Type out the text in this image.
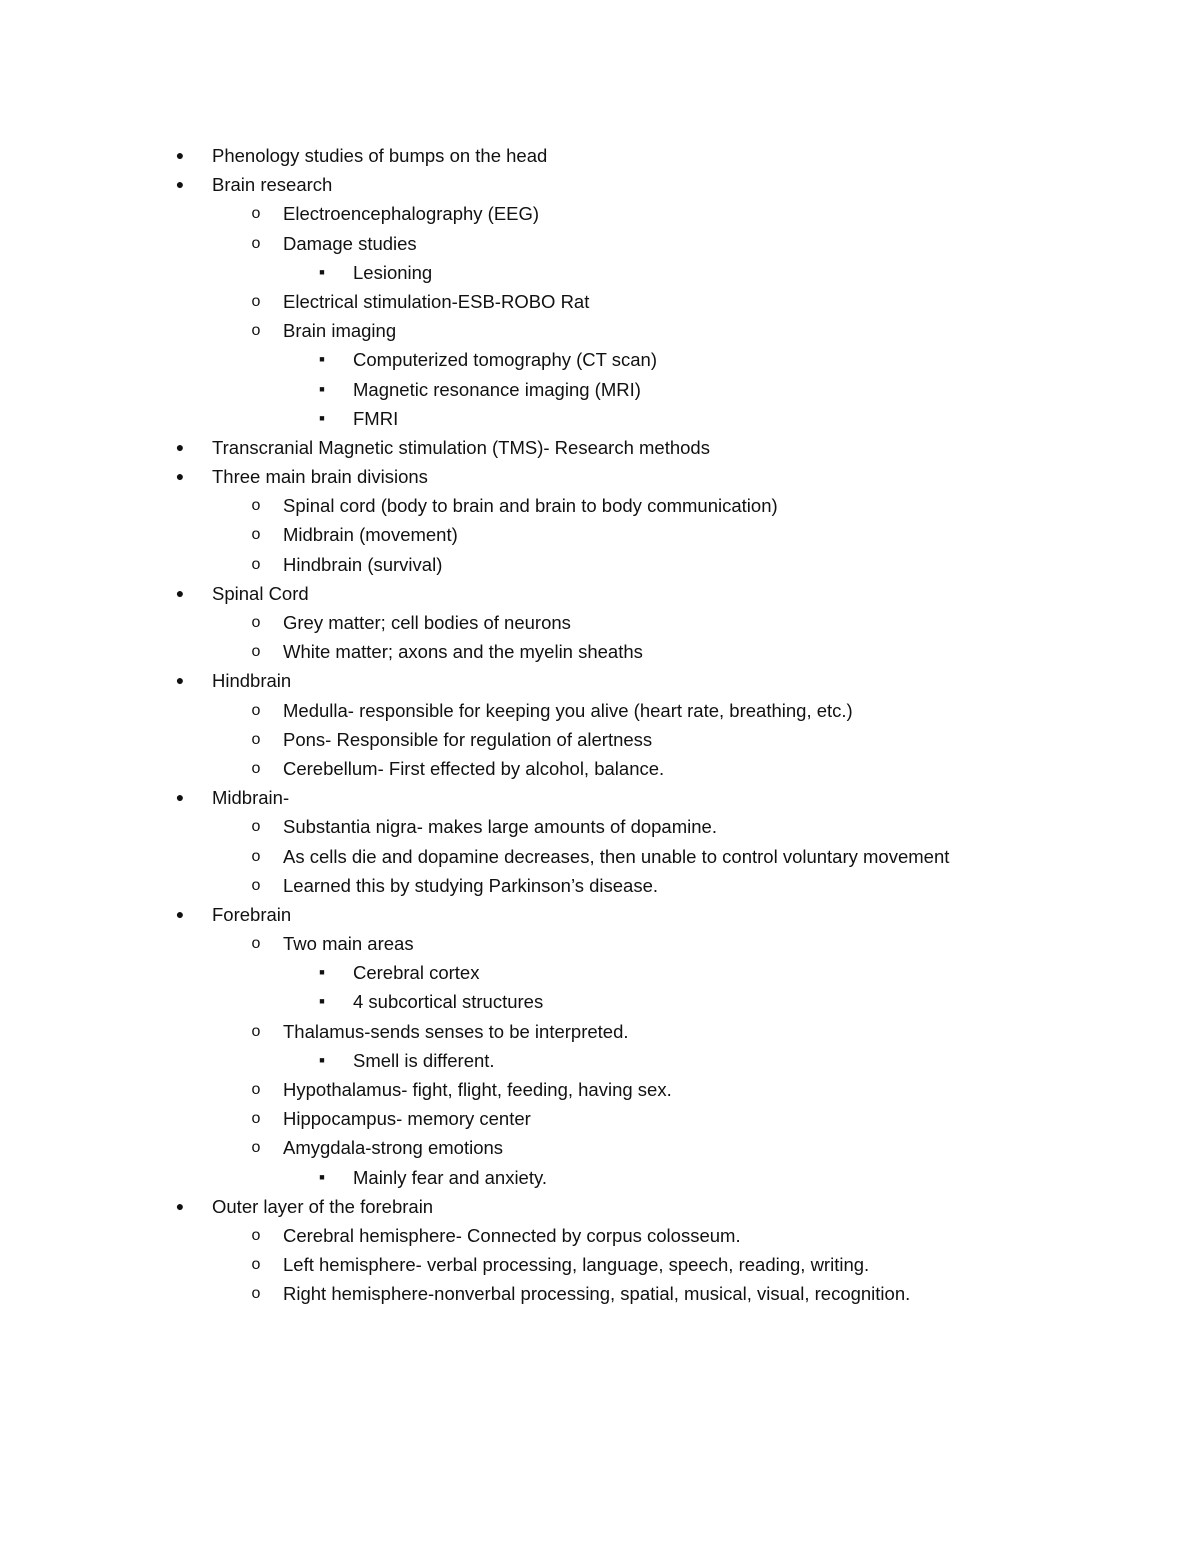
●	Phenology studies of bumps on the head
●	Brain research
o Electroencephalography (EEG)
o Damage studies
■	Lesioning
o Electrical stimulation-ESB-ROBO Rat
o Brain imaging
■	Computerized tomography (CT scan)
■	Magnetic resonance imaging (MRI)
■	FMRI
●	Transcranial Magnetic stimulation (TMS)- Research methods
●	Three main brain divisions
o Spinal cord (body to brain and brain to body communication)
o Midbrain (movement)
o Hindbrain (survival)
●	Spinal Cord
o Grey matter; cell bodies of neurons
o White matter; axons and the myelin sheaths
●	Hindbrain
o Medulla- responsible for keeping you alive (heart rate, breathing, etc.)
o Pons- Responsible for regulation of alertness
o Cerebellum- First effected by alcohol, balance.
●	Midbrain-
o Substantia nigra- makes large amounts of dopamine.
o As cells die and dopamine decreases, then unable to control voluntary movement
o Learned this by studying Parkinson’s disease.
●	Forebrain
o Two main areas
■	Cerebral cortex
■	4 subcortical structures
o Thalamus-sends senses to be interpreted.
■	Smell is different.
o Hypothalamus- fight, flight, feeding, having sex.
o Hippocampus- memory center
o Amygdala-strong emotions
■	Mainly fear and anxiety.
●	Outer layer of the forebrain
o Cerebral hemisphere- Connected by corpus colosseum.
o Left hemisphere- verbal processing, language, speech, reading, writing.
o Right hemisphere-nonverbal processing, spatial, musical, visual, recognition.
